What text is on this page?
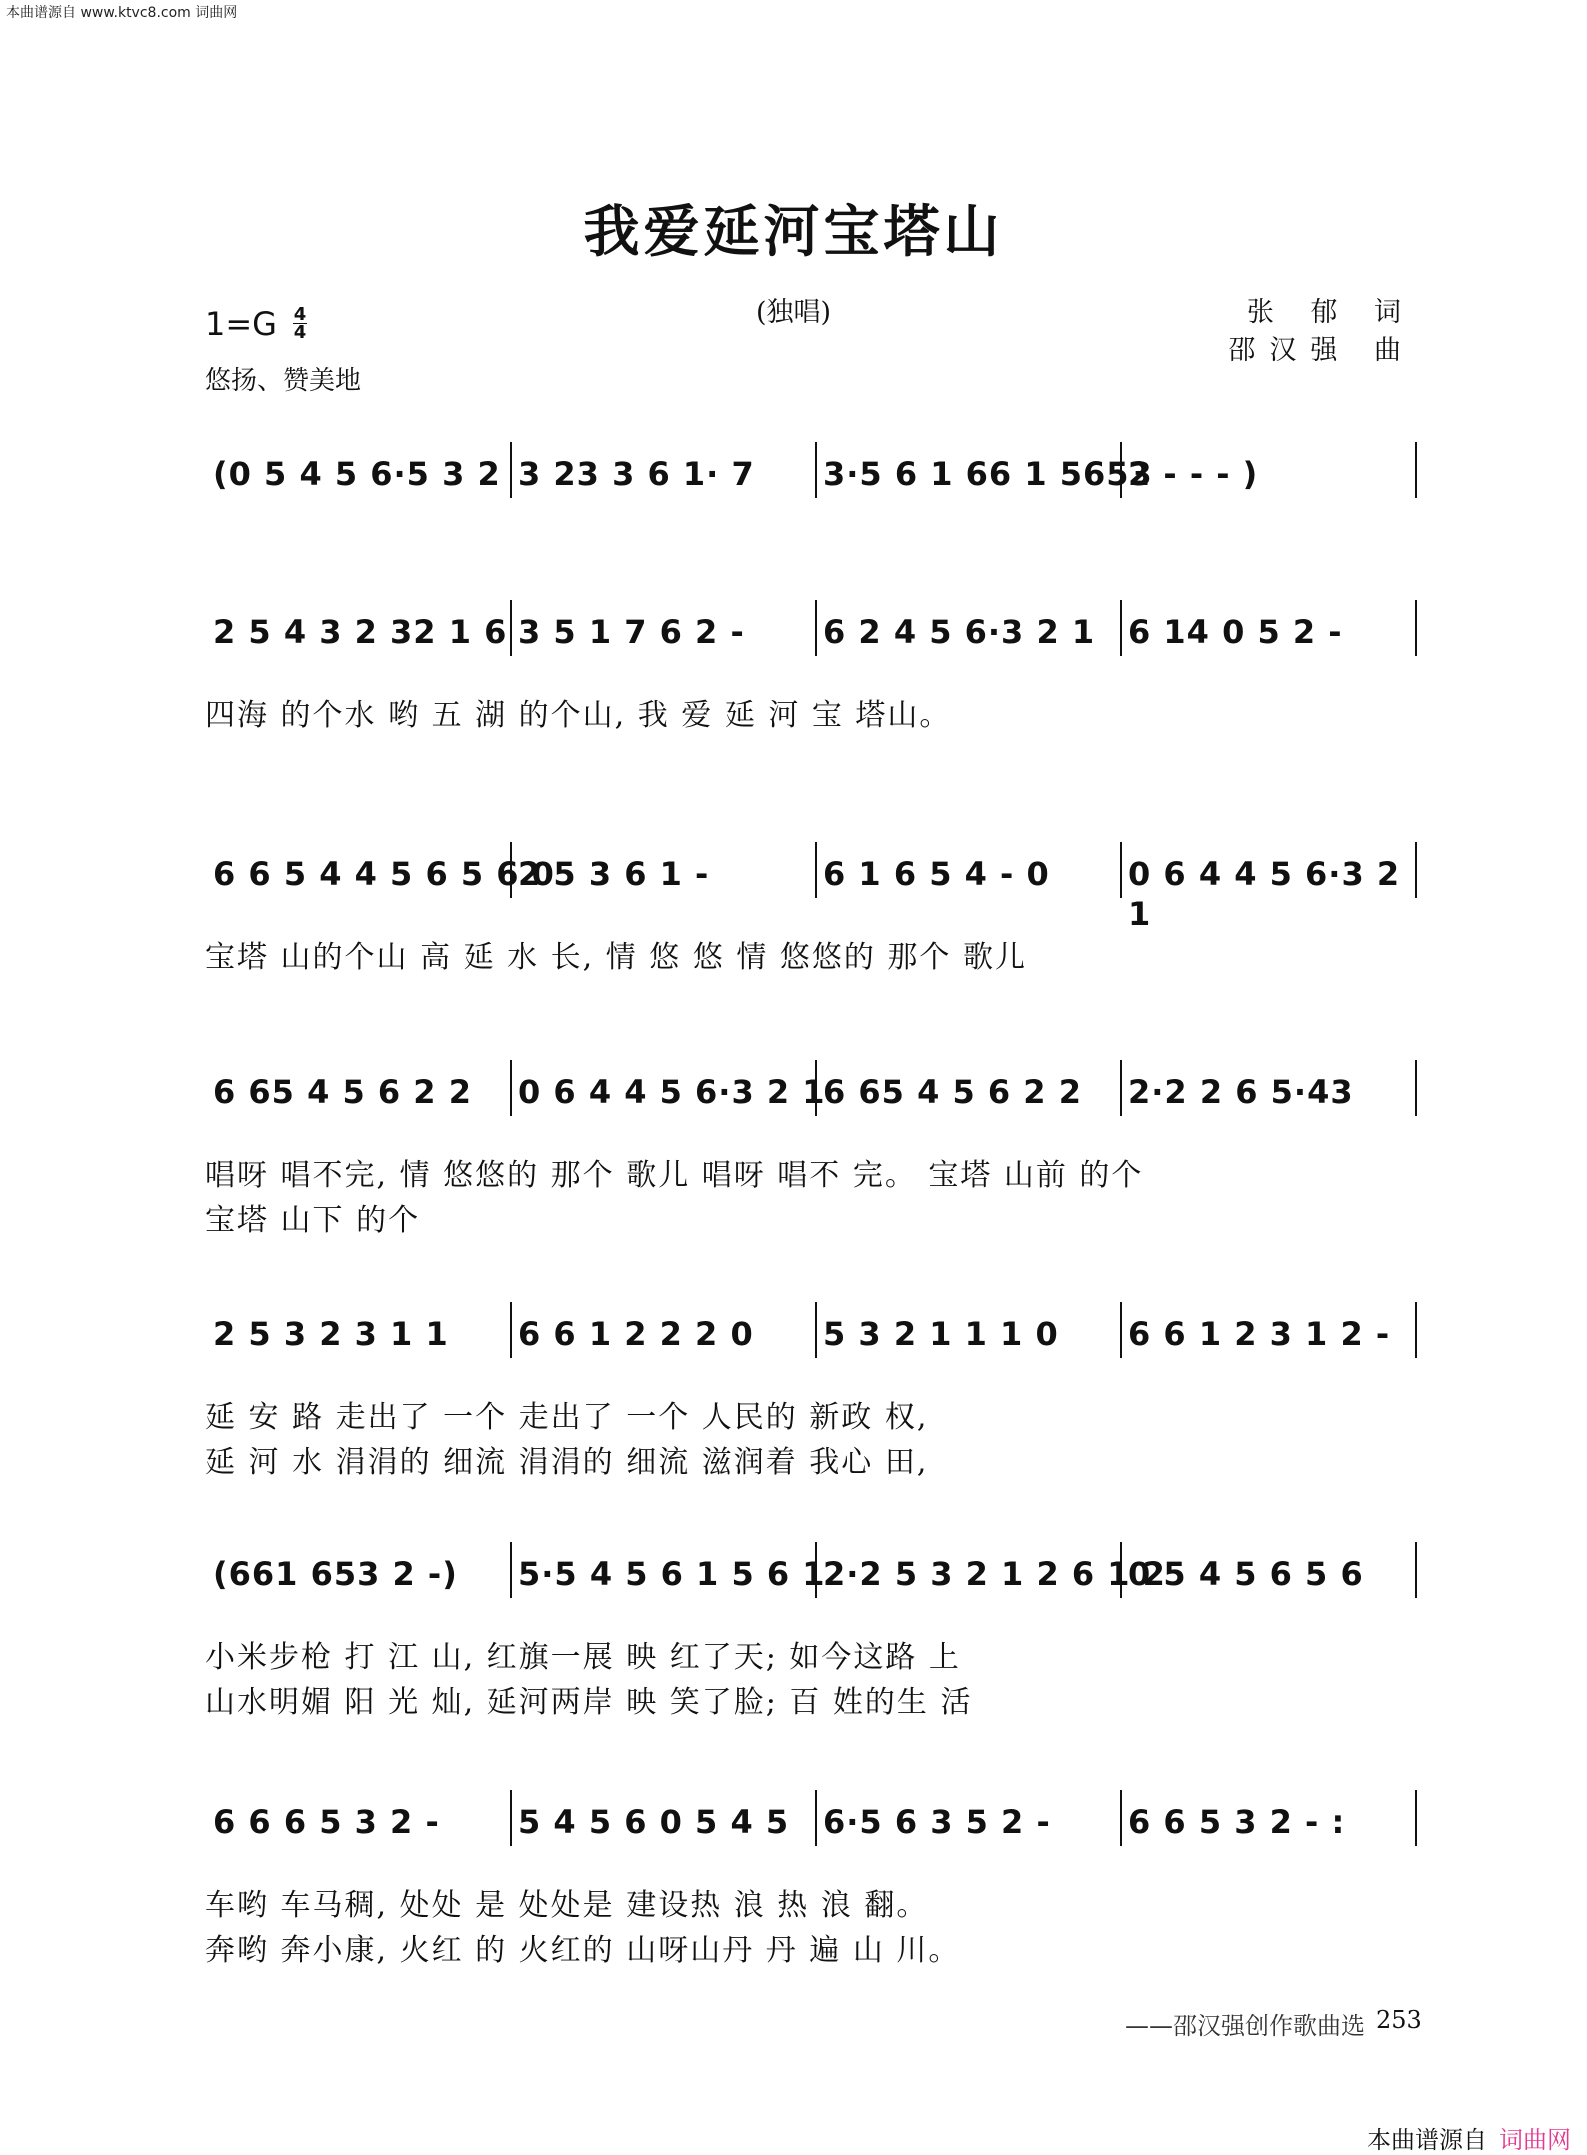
本曲谱源自 www.ktvc8.com 词曲网
我爱延河宝塔山
(独唱)	张 郁 词
邵汉强 曲
1=G 4
4
悠扬、赞美地
(0 5 4 5 6·5 3 2 3 23 3 6 1· 7 3·5 6 1 66 1 5653
2 - - - )
2 5 4 3 2 32 1 6 3 5 1 7 6 2 - 6 2 4 5 6·3 2 1 6 14 0 5 2 -
四海 的个水 哟 五 湖 的个山, 我 爱 延 河 宝 塔山。
6 6 5 4 4 5 6 5 6 0
2 5 3 6 1 -	6 1 6 5 4 - 0 0 6 4 4 5 6·3 2 1
宝塔 山的个山 高 延 水 长, 情 悠 悠 情 悠悠的 那个 歌儿
6 65 4 5 6 2 2 0 6 4 4 5 6·3 2 1
6 65 4 5 6 2 2 2·2 2 6 5·43
唱呀 唱不完, 情 悠悠的 那个 歌儿 唱呀 唱不 完。 宝塔 山前 的个
宝塔 山下 的个
2 5 3 2 3 1 1 6 6 1 2 2 2 0 5 3 2 1 1 1 0 6 6 1 2 3 1 2 -
延 安 路 走出了 一个 走出了 一个 人民的 新政 权,
延 河 水 涓涓的 细流 涓涓的 细流 滋润着 我心 田,
(661 653 2 -) 5·5 4 5 6 1 5 6 1
2·2 5 3 2 1 2 6 1 2
0 5 4 5 6 5 6
小米步枪 打 江 山, 红旗一展 映 红了天; 如今这路 上
山水明媚 阳 光 灿, 延河两岸 映 笑了脸; 百 姓的生 活
6 6 6 5 3 2 - 5 4 5 6 0 5 4 5 6·5 6 3 5 2 - 6 6 5 3 2 - :
车哟 车马稠, 处处 是 处处是 建设热 浪 热 浪 翻。
奔哟 奔小康, 火红 的 火红的 山呀山丹 丹 遍 山 川。
——邵汉强创作歌曲选 253
本曲谱源自 词曲网
